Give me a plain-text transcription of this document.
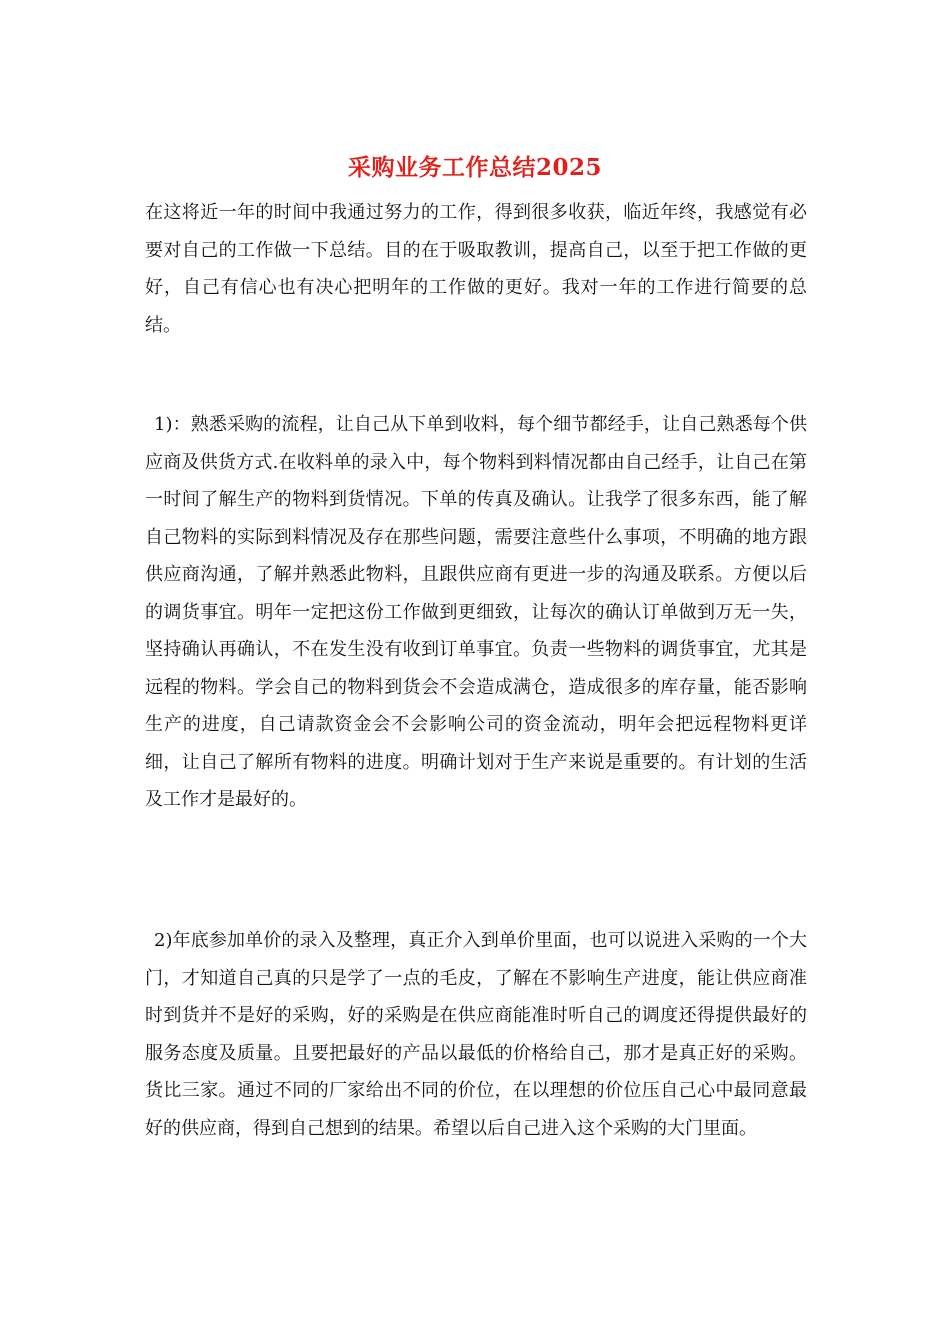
采购业务工作总结2025

在这将近一年的时间中我通过努力的工作，得到很多收获，临近年终，我感觉有必要对自己的工作做一下总结。目的在于吸取教训，提高自己，以至于把工作做的更好，自己有信心也有决心把明年的工作做的更好。我对一年的工作进行简要的总结。

1)：熟悉采购的流程，让自己从下单到收料，每个细节都经手，让自己熟悉每个供应商及供货方式.在收料单的录入中，每个物料到料情况都由自己经手，让自己在第一时间了解生产的物料到货情况。下单的传真及确认。让我学了很多东西，能了解自己物料的实际到料情况及存在那些问题，需要注意些什么事项，不明确的地方跟供应商沟通，了解并熟悉此物料，且跟供应商有更进一步的沟通及联系。方便以后的调货事宜。明年一定把这份工作做到更细致，让每次的确认订单做到万无一失，坚持确认再确认，不在发生没有收到订单事宜。负责一些物料的调货事宜，尤其是远程的物料。学会自己的物料到货会不会造成满仓，造成很多的库存量，能否影响生产的进度，自己请款资金会不会影响公司的资金流动，明年会把远程物料更详细，让自己了解所有物料的进度。明确计划对于生产来说是重要的。有计划的生活及工作才是最好的。

2)年底参加单价的录入及整理，真正介入到单价里面，也可以说进入采购的一个大门，才知道自己真的只是学了一点的毛皮，了解在不影响生产进度，能让供应商准时到货并不是好的采购，好的采购是在供应商能准时听自己的调度还得提供最好的服务态度及质量。且要把最好的产品以最低的价格给自己，那才是真正好的采购。货比三家。通过不同的厂家给出不同的价位，在以理想的价位压自己心中最同意最好的供应商，得到自己想到的结果。希望以后自己进入这个采购的大门里面。
